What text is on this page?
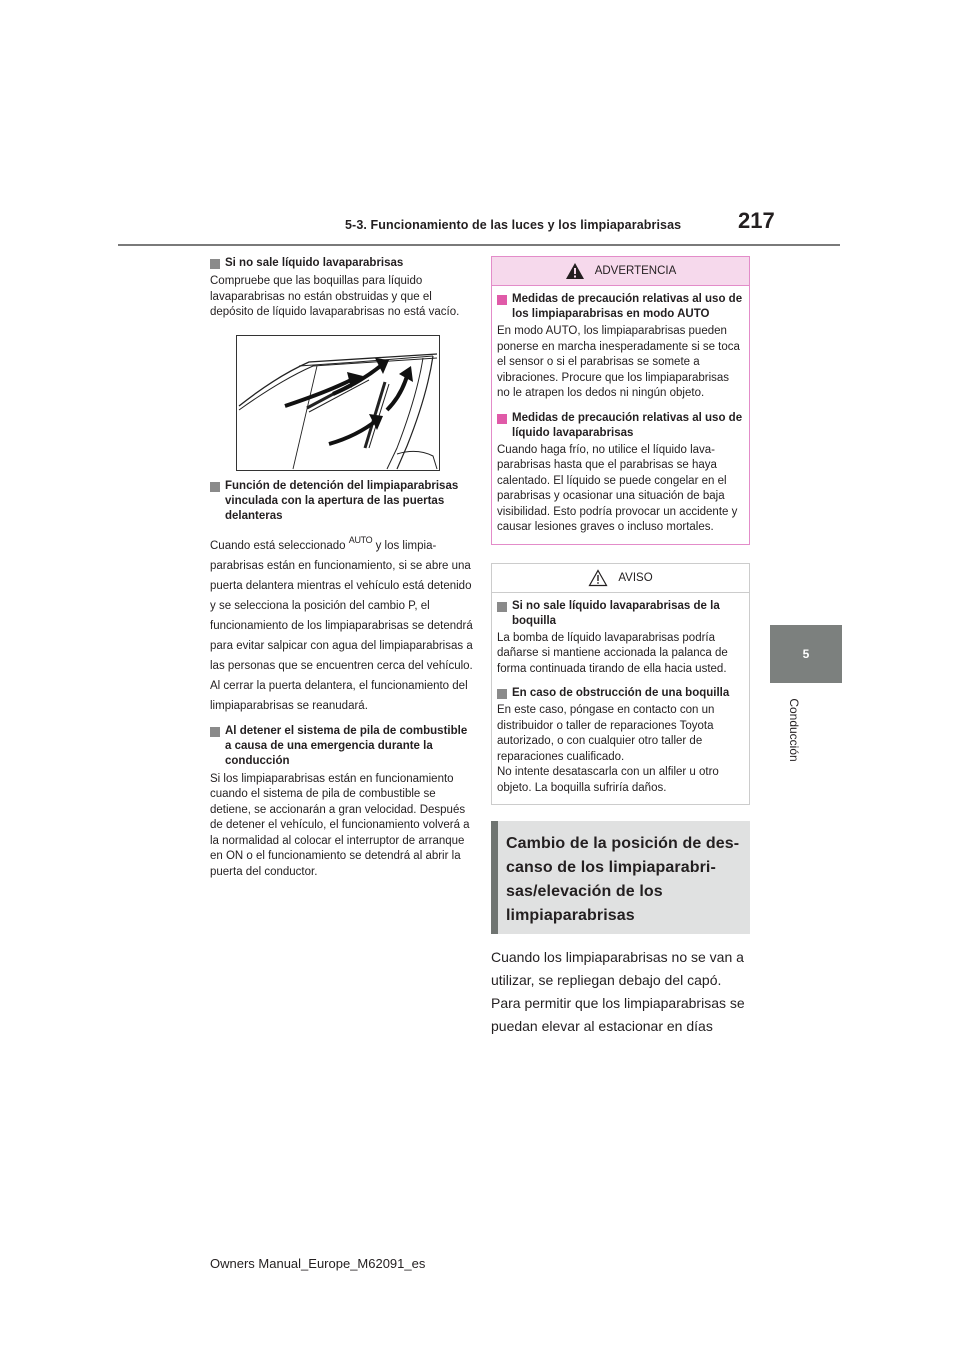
5-3. Funcionamiento de las luces y los limpiaparabrisas	217
5
Conducción
Si no sale líquido lavaparabrisas
Compruebe que las boquillas para líquido lavaparabrisas no están obstruidas y que el depósito de líquido lavaparabrisas no está vacío.
Función de detención del limpiaparabrisas vinculada con la apertura de las puertas delanteras
Cuando está seleccionado $^{AUTO}$ y los limpiaparabrisas están en funcionamiento, si se abre una puerta delantera mientras el vehículo está detenido y se selecciona la posición del cambio P, el funcionamiento de los limpiaparabrisas se detendrá para evitar salpicar con agua del limpiaparabrisas a las personas que se encuentren cerca del vehículo. Al cerrar la puerta delantera, el funcionamiento del limpiaparabrisas se reanudará.
Al detener el sistema de pila de combustible a causa de una emergencia durante la conducción
Si los limpiaparabrisas están en funcionamiento cuando el sistema de pila de combustible se detiene, se accionarán a gran velocidad. Después de detener el vehículo, el funcionamiento volverá a la normalidad al colocar el interruptor de arranque en ON o el funcionamiento se detendrá al abrir la puerta del conductor.
ADVERTENCIA
Medidas de precaución relativas al uso de los limpiaparabrisas en modo AUTO
En modo AUTO, los limpiaparabrisas pueden ponerse en marcha inesperadamente si se toca el sensor o si el parabrisas se somete a vibraciones. Procure que los limpiaparabrisas no le atrapen los dedos ni ningún objeto.
Medidas de precaución relativas al uso de líquido lavaparabrisas
Cuando haga frío, no utilice el líquido lavaparabrisas hasta que el parabrisas se haya calentado. El líquido se puede congelar en el parabrisas y ocasionar una situación de baja visibilidad. Esto podría provocar un accidente y causar lesiones graves o incluso mortales.
AVISO
Si no sale líquido lavaparabrisas de la boquilla
La bomba de líquido lavaparabrisas podría dañarse si mantiene accionada la palanca de forma continuada tirando de ella hacia usted.
En caso de obstrucción de una boquilla
En este caso, póngase en contacto con un distribuidor o taller de reparaciones Toyota autorizado, o con cualquier otro taller de reparaciones cualificado.
No intente desatascarla con un alfiler u otro objeto. La boquilla sufriría daños.
Cambio de la posición de descanso de los limpiaparabrisas/elevación de los limpiaparabrisas
Cuando los limpiaparabrisas no se van a utilizar, se repliegan debajo del capó. Para permitir que los limpiaparabrisas se puedan elevar al estacionar en días
Owners Manual_Europe_M62091_es
